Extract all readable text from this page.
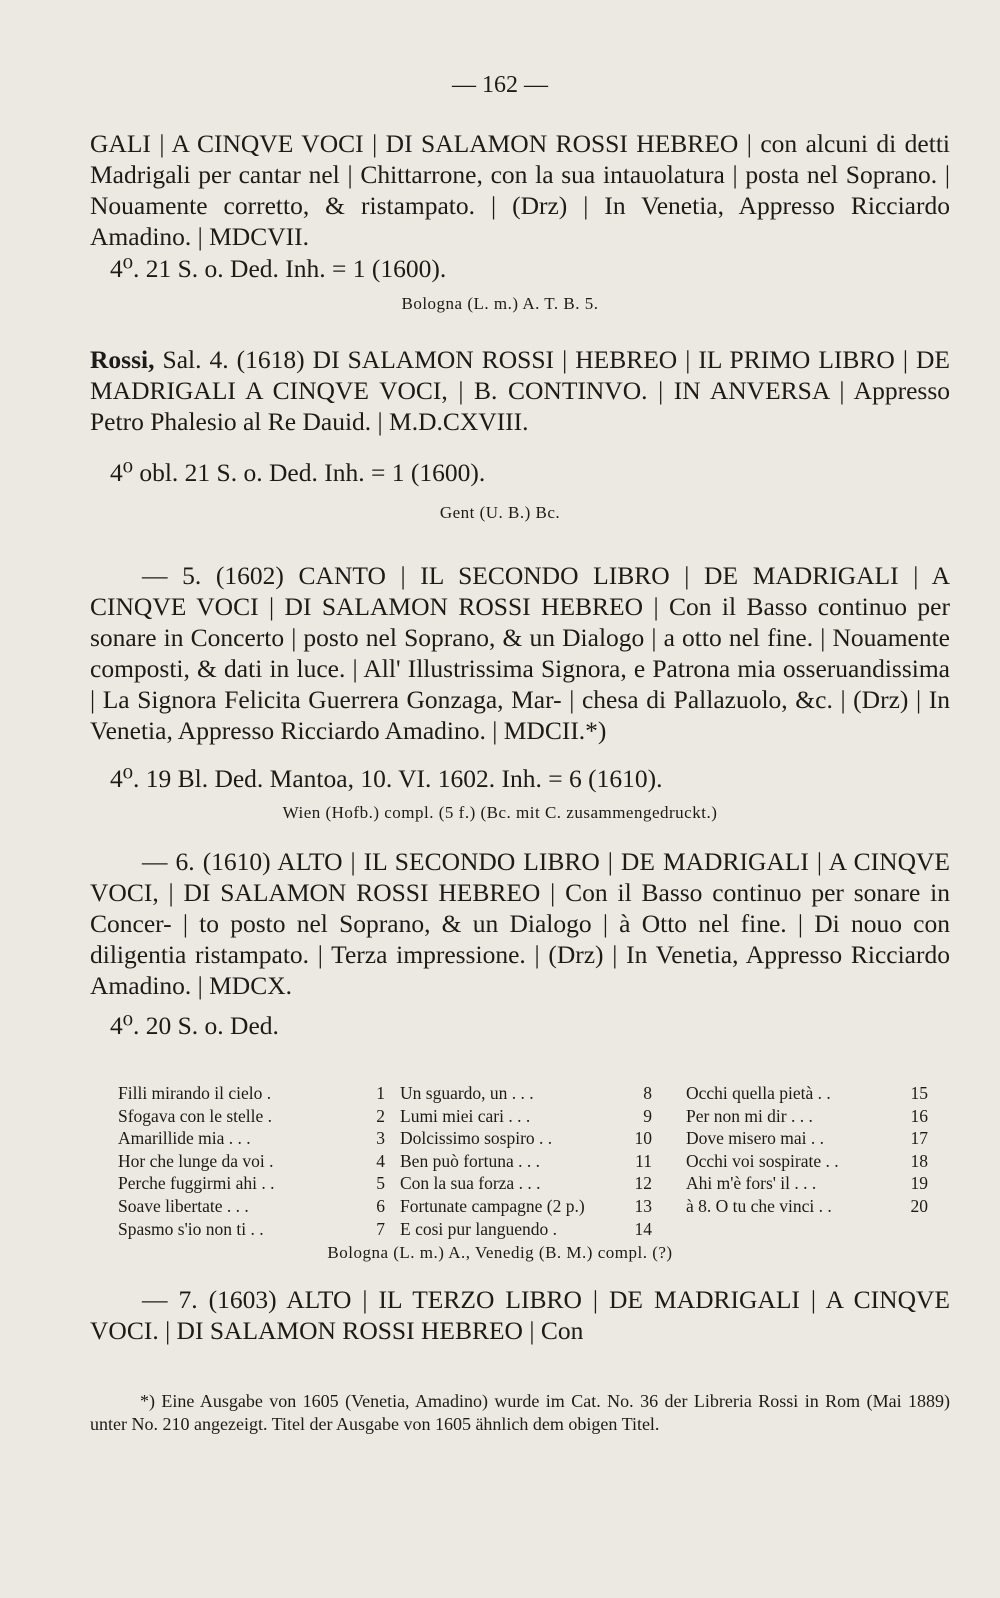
— 162 —

GALI | A CINQVE VOCI | DI SALAMON ROSSI HEBREO | con alcuni di detti Madrigali per cantar nel | Chittarrone, con la sua intauolatura | posta nel Soprano. | Nouamente corretto, & ristampato. | (Drz) | In Venetia, Appresso Ricciardo Amadino. | MDCVII.

4⁰. 21 S. o. Ded. Inh. = 1 (1600).
Bologna (L. m.) A. T. B. 5.

Rossi, Sal. 4. (1618) DI SALAMON ROSSI | HEBREO | IL PRIMO LIBRO | DE MADRIGALI A CINQVE VOCI, | B. CONTINVO. | IN ANVERSA | Appresso Petro Phalesio al Re Dauid. | M.D.CXVIII.

4⁰ obl. 21 S. o. Ded. Inh. = 1 (1600).
Gent (U. B.) Bc.

— 5. (1602) CANTO | IL SECONDO LIBRO | DE MADRIGALI | A CINQVE VOCI | DI SALAMON ROSSI HEBREO | Con il Basso continuo per sonare in Concerto | posto nel Soprano, & un Dialogo | a otto nel fine. | Nouamente composti, & dati in luce. | All' Illustrissima Signora, e Patrona mia osseruandissima | La Signora Felicita Guerrera Gonzaga, Mar- | chesa di Pallazuolo, &c. | (Drz) | In Venetia, Appresso Ricciardo Amadino. | MDCII.*)

4⁰. 19 Bl. Ded. Mantoa, 10. VI. 1602. Inh. = 6 (1610).
Wien (Hofb.) compl. (5 f.) (Bc. mit C. zusammengedruckt.)

— 6. (1610) ALTO | IL SECONDO LIBRO | DE MADRIGALI | A CINQVE VOCI, | DI SALAMON ROSSI HEBREO | Con il Basso continuo per sonare in Concer- | to posto nel Soprano, & un Dialogo | à Otto nel fine. | Di nouo con diligentia ristampato. | Terza impressione. | (Drz) | In Venetia, Appresso Ricciardo Amadino. | MDCX.

4⁰. 20 S. o. Ded.
Filli mirando il cielo .	1 Un sguardo, un . . .	8 Occhi quella pietà . .	15
Sfogava con le stelle .	2 Lumi miei cari . . .	9 Per non mi dir . . .	16
Amarillide mia . . .	3 Dolcissimo sospiro . .	10 Dove misero mai . .	17
Hor che lunge da voi .	4 Ben può fortuna . . .	11 Occhi voi sospirate . .	18
Perche fuggirmi ahi . .	5 Con la sua forza . . .	12 Ahi m'è fors' il . . .	19
Soave libertate . . .	6 Fortunate campagne (2 p.)	13 à 8. O tu che vinci . .	20
Spasmo s'io non ti . .	7 E cosi pur languendo .	14
Bologna (L. m.) A., Venedig (B. M.) compl. (?)

— 7. (1603) ALTO | IL TERZO LIBRO | DE MADRIGALI | A CINQVE VOCI. | DI SALAMON ROSSI HEBREO | Con

*) Eine Ausgabe von 1605 (Venetia, Amadino) wurde im Cat. No. 36 der Libreria Rossi in Rom (Mai 1889) unter No. 210 angezeigt. Titel der Ausgabe von 1605 ähnlich dem obigen Titel.
